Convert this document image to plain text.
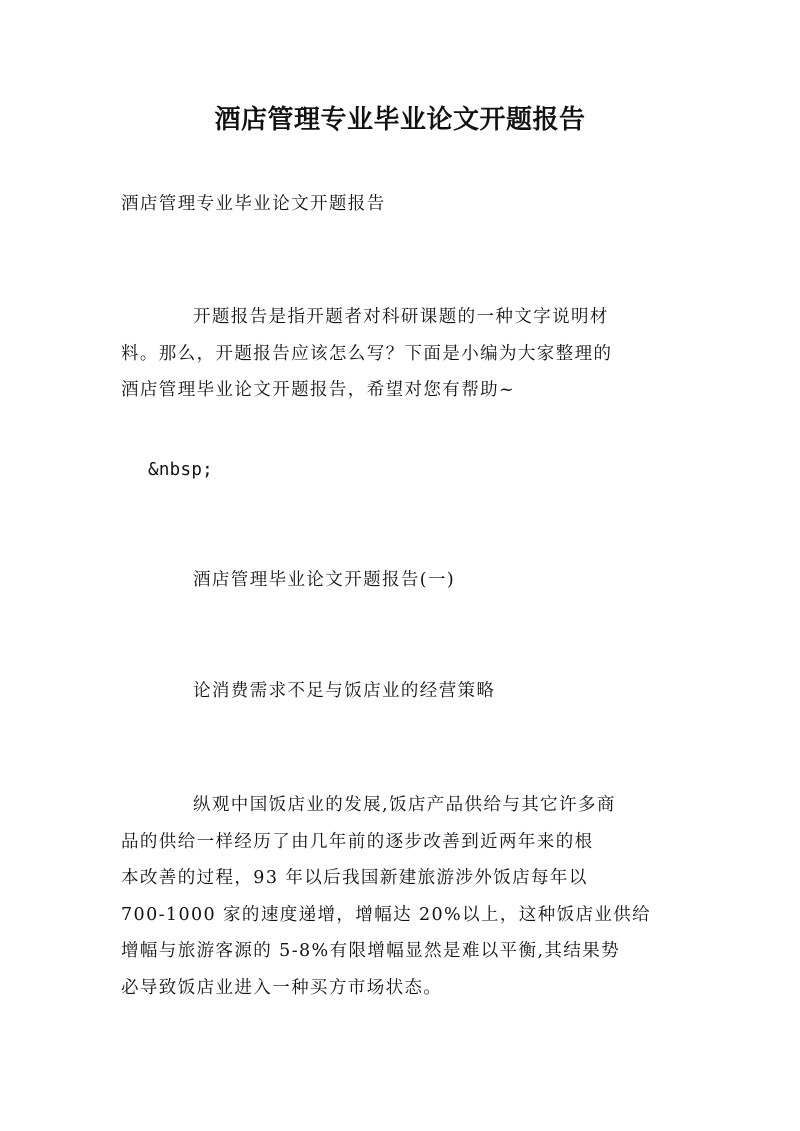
酒店管理专业毕业论文开题报告
酒店管理专业毕业论文开题报告
开题报告是指开题者对科研课题的一种文字说明材
料。那么，开题报告应该怎么写？下面是小编为大家整理的
酒店管理毕业论文开题报告，希望对您有帮助~
&nbsp;
酒店管理毕业论文开题报告(一)
论消费需求不足与饭店业的经营策略
纵观中国饭店业的发展,饭店产品供给与其它许多商
品的供给一样经历了由几年前的逐步改善到近两年来的根
本改善的过程，93 年以后我国新建旅游涉外饭店每年以
700-1000 家的速度递增，增幅达 20%以上，这种饭店业供给
增幅与旅游客源的 5-8%有限增幅显然是难以平衡,其结果势
必导致饭店业进入一种买方市场状态。
